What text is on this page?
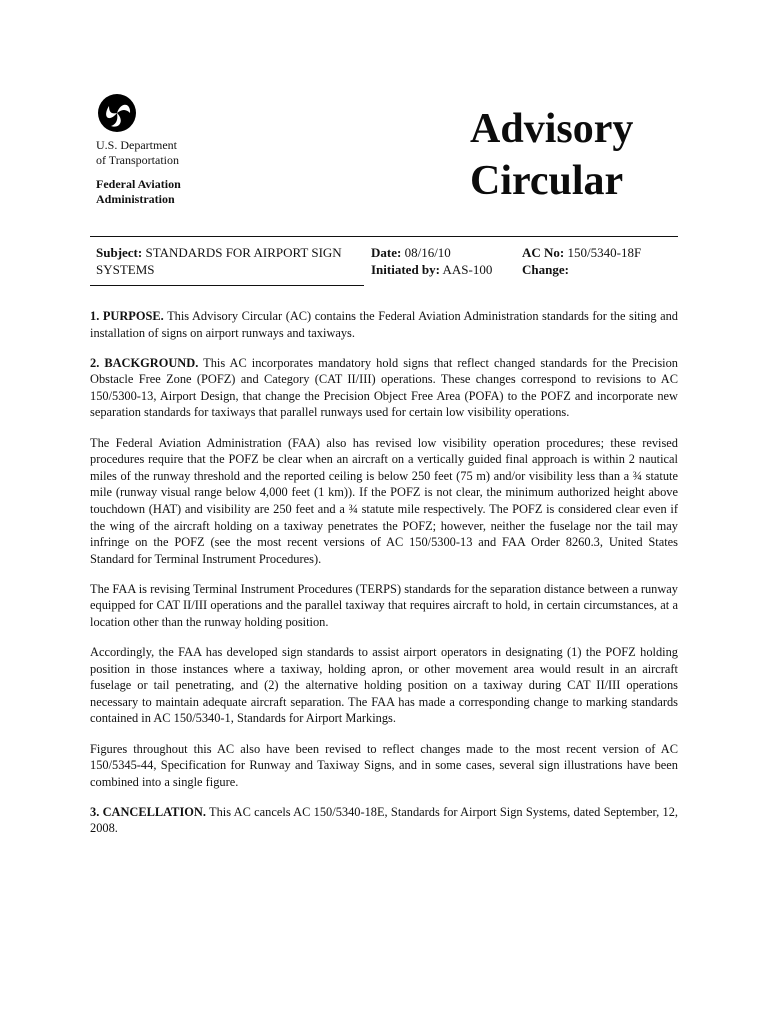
U.S. Department
of Transportation
Federal Aviation
Administration
Advisory
Circular
Subject: STANDARDS FOR AIRPORT SIGN SYSTEMS
Date: 08/16/10
Initiated by: AAS-100
AC No: 150/5340-18F
Change:

1. PURPOSE. This Advisory Circular (AC) contains the Federal Aviation Administration standards for the siting and installation of signs on airport runways and taxiways.

2. BACKGROUND. This AC incorporates mandatory hold signs that reflect changed standards for the Precision Obstacle Free Zone (POFZ) and Category (CAT II/III) operations. These changes correspond to revisions to AC 150/5300-13, Airport Design, that change the Precision Object Free Area (POFA) to the POFZ and incorporate new separation standards for taxiways that parallel runways used for certain low visibility operations.

The Federal Aviation Administration (FAA) also has revised low visibility operation procedures; these revised procedures require that the POFZ be clear when an aircraft on a vertically guided final approach is within 2 nautical miles of the runway threshold and the reported ceiling is below 250 feet (75 m) and/or visibility less than a ¾ statute mile (runway visual range below 4,000 feet (1 km)). If the POFZ is not clear, the minimum authorized height above touchdown (HAT) and visibility are 250 feet and a ¾ statute mile respectively. The POFZ is considered clear even if the wing of the aircraft holding on a taxiway penetrates the POFZ; however, neither the fuselage nor the tail may infringe on the POFZ (see the most recent versions of AC 150/5300-13 and FAA Order 8260.3, United States Standard for Terminal Instrument Procedures).

The FAA is revising Terminal Instrument Procedures (TERPS) standards for the separation distance between a runway equipped for CAT II/III operations and the parallel taxiway that requires aircraft to hold, in certain circumstances, at a location other than the runway holding position.

Accordingly, the FAA has developed sign standards to assist airport operators in designating (1) the POFZ holding position in those instances where a taxiway, holding apron, or other movement area would result in an aircraft fuselage or tail penetrating, and (2) the alternative holding position on a taxiway during CAT II/III operations necessary to maintain adequate aircraft separation. The FAA has made a corresponding change to marking standards contained in AC 150/5340-1, Standards for Airport Markings.

Figures throughout this AC also have been revised to reflect changes made to the most recent version of AC 150/5345-44, Specification for Runway and Taxiway Signs, and in some cases, several sign illustrations have been combined into a single figure.

3. CANCELLATION. This AC cancels AC 150/5340-18E, Standards for Airport Sign Systems, dated September, 12, 2008.
